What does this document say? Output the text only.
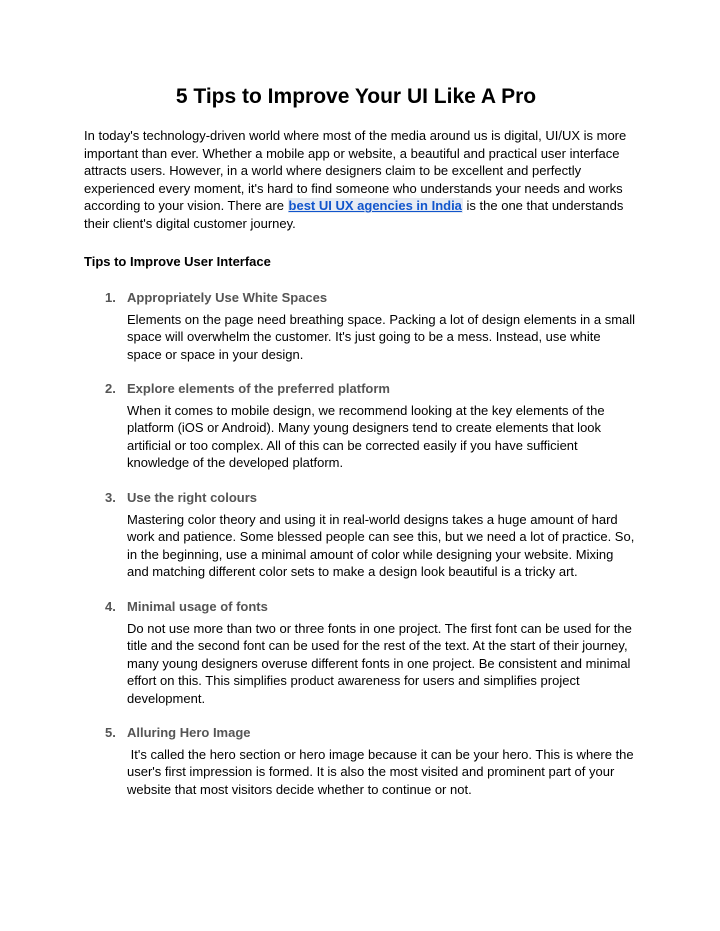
5 Tips to Improve Your UI Like A Pro

In today's technology-driven world where most of the media around us is digital, UI/UX is more important than ever. Whether a mobile app or website, a beautiful and practical user interface attracts users. However, in a world where designers claim to be excellent and perfectly experienced every moment, it's hard to find someone who understands your needs and works according to your vision. There are best UI UX agencies in India is the one that understands their client's digital customer journey.

Tips to Improve User Interface
1. Appropriately Use White Spaces

Elements on the page need breathing space. Packing a lot of design elements in a small space will overwhelm the customer. It's just going to be a mess. Instead, use white space or space in your design.

2. Explore elements of the preferred platform

When it comes to mobile design, we recommend looking at the key elements of the platform (iOS or Android). Many young designers tend to create elements that look artificial or too complex. All of this can be corrected easily if you have sufficient knowledge of the developed platform.

3. Use the right colours

Mastering color theory and using it in real-world designs takes a huge amount of hard work and patience. Some blessed people can see this, but we need a lot of practice. So, in the beginning, use a minimal amount of color while designing your website. Mixing and matching different color sets to make a design look beautiful is a tricky art.

4. Minimal usage of fonts

Do not use more than two or three fonts in one project. The first font can be used for the title and the second font can be used for the rest of the text. At the start of their journey, many young designers overuse different fonts in one project. Be consistent and minimal effort on this. This simplifies product awareness for users and simplifies project development.

5. Alluring Hero Image

It's called the hero section or hero image because it can be your hero. This is where the user's first impression is formed. It is also the most visited and prominent part of your website that most visitors decide whether to continue or not.
